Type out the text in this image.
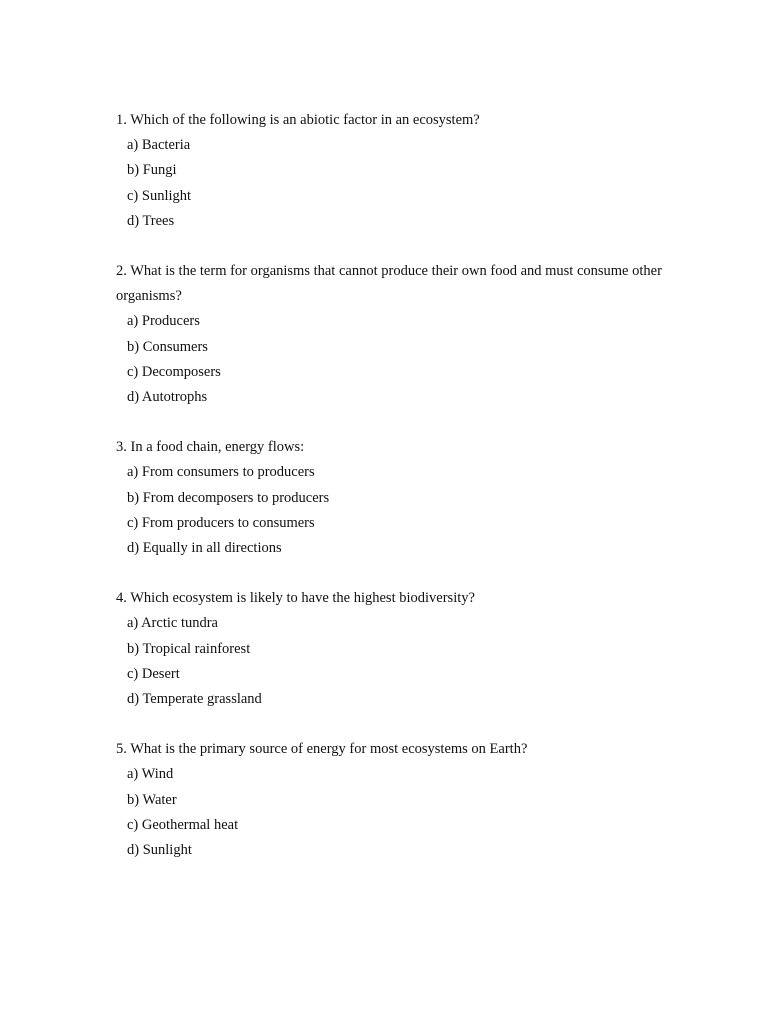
1. Which of the following is an abiotic factor in an ecosystem?

a) Bacteria
b) Fungi
c) Sunlight
d) Trees

2. What is the term for organisms that cannot produce their own food and must consume other organisms?

a) Producers
b) Consumers
c) Decomposers
d) Autotrophs

3. In a food chain, energy flows:

a) From consumers to producers
b) From decomposers to producers
c) From producers to consumers
d) Equally in all directions

4. Which ecosystem is likely to have the highest biodiversity?

a) Arctic tundra
b) Tropical rainforest
c) Desert
d) Temperate grassland

5. What is the primary source of energy for most ecosystems on Earth?

a) Wind
b) Water
c) Geothermal heat
d) Sunlight
